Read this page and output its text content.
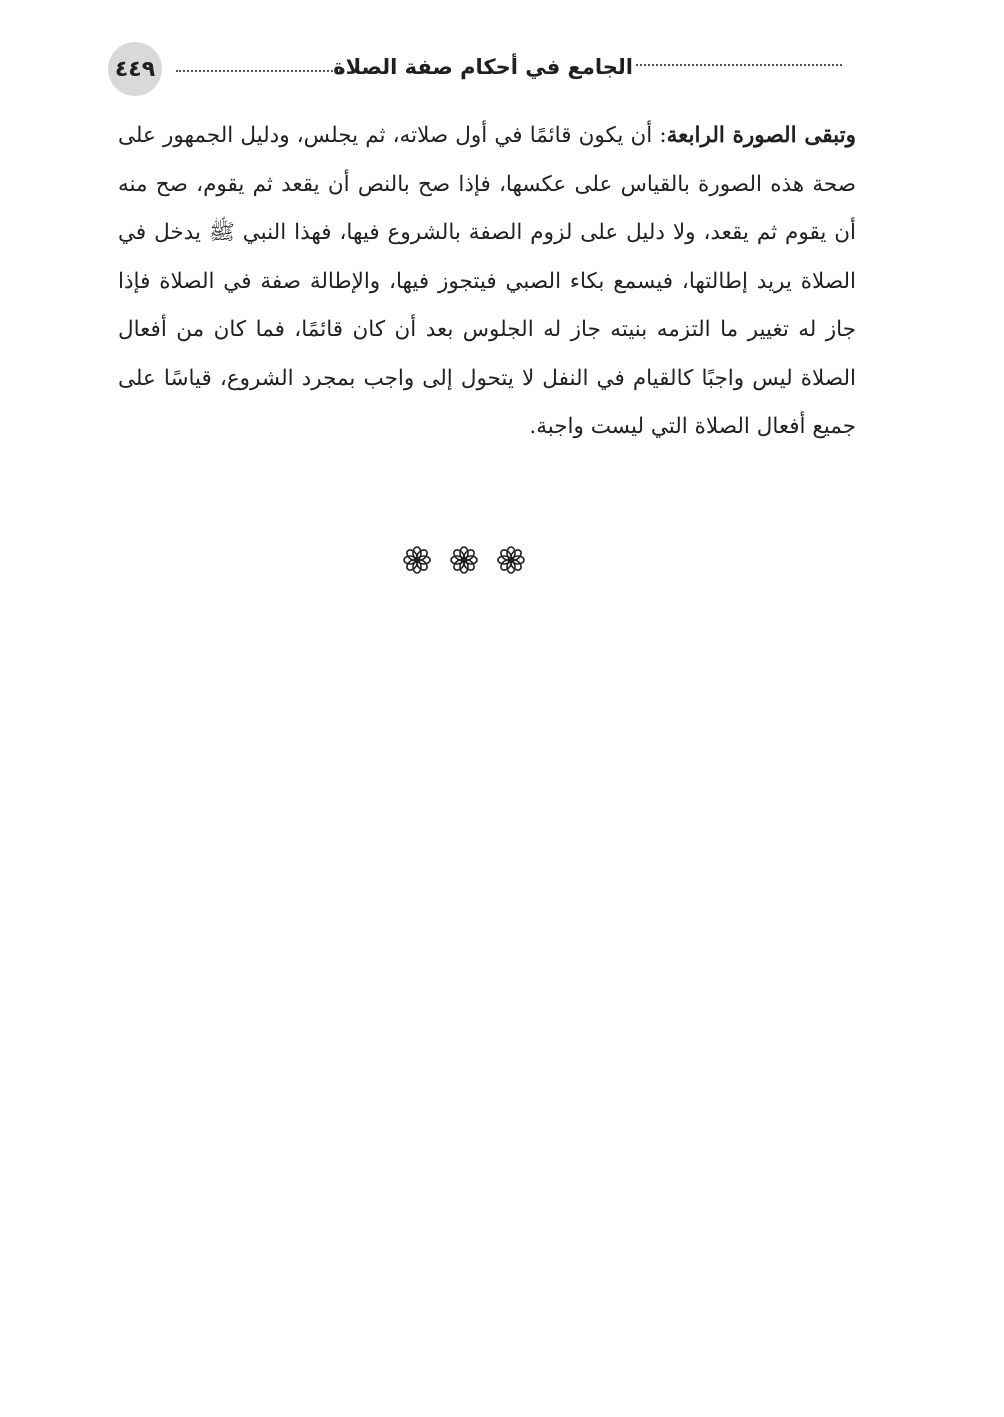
٤٤٩	الجامع في أحكام صفة الصلاة
وتبقى الصورة الرابعة: أن يكون قائمًا في أول صلاته، ثم يجلس، ودليل الجمهور على صحة هذه الصورة بالقياس على عكسها، فإذا صح بالنص أن يقعد ثم يقوم، صح منه أن يقوم ثم يقعد، ولا دليل على لزوم الصفة بالشروع فيها، فهذا النبي ﷺ يدخل في الصلاة يريد إطالتها، فيسمع بكاء الصبي فيتجوز فيها، والإطالة صفة في الصلاة فإذا جاز له تغيير ما التزمه بنيته جاز له الجلوس بعد أن كان قائمًا، فما كان من أفعال الصلاة ليس واجبًا كالقيام في النفل لا يتحول إلى واجب بمجرد الشروع، قياسًا على جميع أفعال الصلاة التي ليست واجبة.
